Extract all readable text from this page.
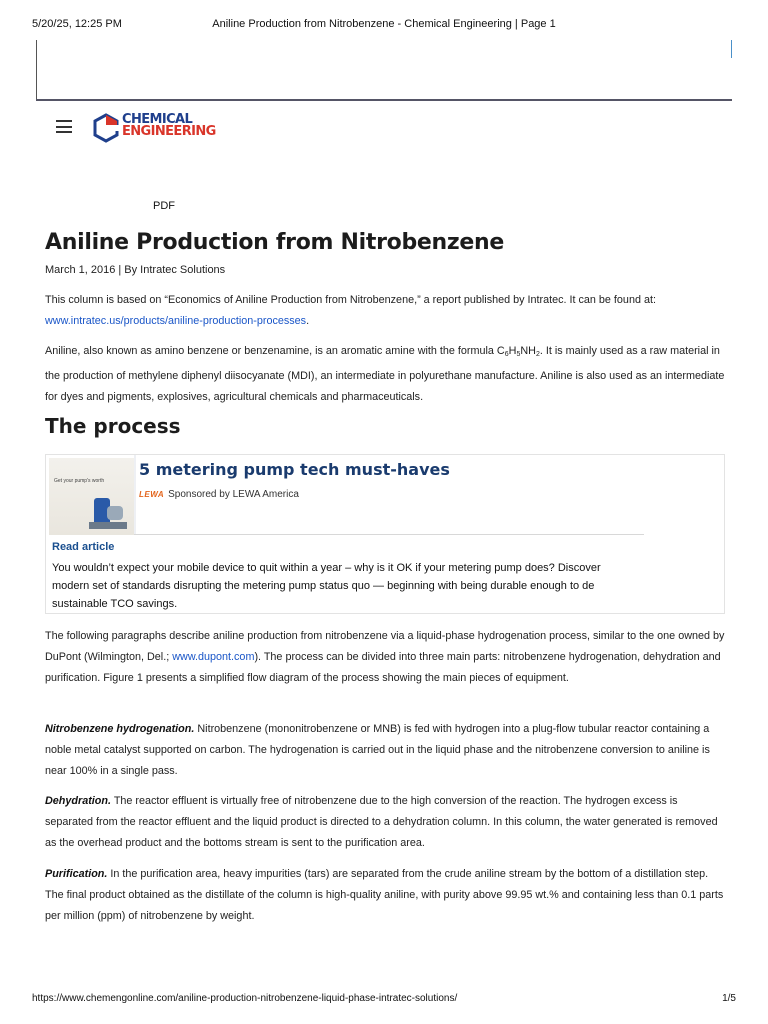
5/20/25, 12:25 PM	Aniline Production from Nitrobenzene - Chemical Engineering | Page 1
CHEMICAL
ENGINEERING
PDF
Aniline Production from Nitrobenzene
March 1, 2016 | By Intratec Solutions

This column is based on “Economics of Aniline Production from Nitrobenzene,” a report published by Intratec. It can be found at:
www.intratec.us/products/aniline-production-processes.

Aniline, also known as amino benzene or benzenamine, is an aromatic amine with the formula $C_6H_5NH_2$. It is mainly used as a raw material in the production of methylene diphenyl diisocyanate (MDI), an intermediate in polyurethane manufacture. Aniline is also used as an intermediate for dyes and pigments, explosives, agricultural chemicals and pharmaceuticals.

The process
Get your pump's worth
5 metering pump tech must-haves
LEWA Sponsored by LEWA America
Read article
You wouldn’t expect your mobile device to quit within a year – why is it OK if your metering pump does? Discover
modern set of standards disrupting the metering pump status quo — beginning with being durable enough to de
sustainable TCO savings.

The following paragraphs describe aniline production from nitrobenzene via a liquid-phase hydrogenation process, similar to the one owned by DuPont (Wilmington, Del.; www.dupont.com). The process can be divided into three main parts: nitrobenzene hydrogenation, dehydration and purification. Figure 1 presents a simplified flow diagram of the process showing the main pieces of equipment.

Nitrobenzene hydrogenation. Nitrobenzene (mononitrobenzene or MNB) is fed with hydrogen into a plug-flow tubular reactor containing a noble metal catalyst supported on carbon. The hydrogenation is carried out in the liquid phase and the nitrobenzene conversion to aniline is near 100% in a single pass.

Dehydration. The reactor effluent is virtually free of nitrobenzene due to the high conversion of the reaction. The hydrogen excess is separated from the reactor effluent and the liquid product is directed to a dehydration column. In this column, the water generated is removed as the overhead product and the bottoms stream is sent to the purification area.

Purification. In the purification area, heavy impurities (tars) are separated from the crude aniline stream by the bottom of a distillation step. The final product obtained as the distillate of the column is high-quality aniline, with purity above 99.95 wt.% and containing less than 0.1 parts per million (ppm) of nitrobenzene by weight.

https://www.chemengonline.com/aniline-production-nitrobenzene-liquid-phase-intratec-solutions/	1/5
